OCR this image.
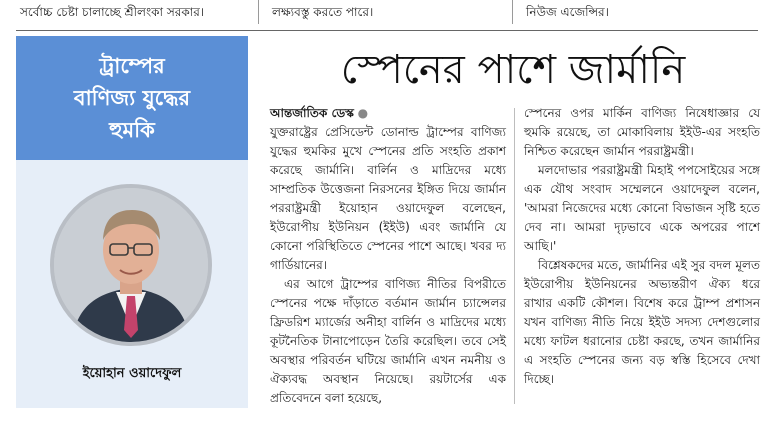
সর্বোচ্চ চেষ্টা চালাচ্ছে শ্রীলংকা সরকার।	লক্ষ্যবস্তু করতে পারে।	নিউজ এজেন্সির।
ট্রাম্পের
বাণিজ্য যুদ্ধের
হুমকি
ইয়োহান ওয়াদেফুল
স্পেনের পাশে জার্মানি
আন্তর্জাতিক ডেস্ক ●

যুক্তরাষ্ট্রের প্রেসিডেন্ট ডোনাল্ড ট্রাম্পের বাণিজ্য যুদ্ধের হুমকির মুখে স্পেনের প্রতি সংহতি প্রকাশ করেছে জার্মানি। বার্লিন ও মাদ্রিদের মধ্যে সাম্প্রতিক উত্তেজনা নিরসনের ইঙ্গিত দিয়ে জার্মান পররাষ্ট্রমন্ত্রী ইয়োহান ওয়াদেফুল বলেছেন, ইউরোপীয় ইউনিয়ন (ইইউ) এবং জার্মানি যে কোনো পরিস্থিতিতে স্পেনের পাশে আছে। খবর দ্য গার্ডিয়ানের।

এর আগে ট্রাম্পের বাণিজ্য নীতির বিপরীতে স্পেনের পক্ষে দাঁড়াতে বর্তমান জার্মান চ্যান্সেলর ফ্রিডরিশ ম্যার্জের অনীহা বার্লিন ও মাদ্রিদের মধ্যে কূটনৈতিক টানাপোড়েন তৈরি করেছিল। তবে সেই অবস্থার পরিবর্তন ঘটিয়ে জার্মানি এখন নমনীয় ও ঐক্যবদ্ধ অবস্থান নিয়েছে। রয়টার্সের এক প্রতিবেদনে বলা হয়েছে,

স্পেনের ওপর মার্কিন বাণিজ্য নিষেধাজ্ঞার যে হুমকি রয়েছে, তা মোকাবিলায় ইইউ-এর সংহতি নিশ্চিত করেছেন জার্মান পররাষ্ট্রমন্ত্রী।

মলদোভার পররাষ্ট্রমন্ত্রী মিহাই পপসোইয়ের সঙ্গে এক যৌথ সংবাদ সম্মেলনে ওয়াদেফুল বলেন, 'আমরা নিজেদের মধ্যে কোনো বিভাজন সৃষ্টি হতে দেব না। আমরা দৃঢ়ভাবে একে অপরের পাশে আছি।'

বিশ্লেষকদের মতে, জার্মানির এই সুর বদল মূলত ইউরোপীয় ইউনিয়নের অভ্যন্তরীণ ঐক্য ধরে রাখার একটি কৌশল। বিশেষ করে ট্রাম্প প্রশাসন যখন বাণিজ্য নীতি নিয়ে ইইউ সদস্য দেশগুলোর মধ্যে ফাটল ধরানোর চেষ্টা করছে, তখন জার্মানির এ সংহতি স্পেনের জন্য বড় স্বস্তি হিসেবে দেখা দিচ্ছে।
